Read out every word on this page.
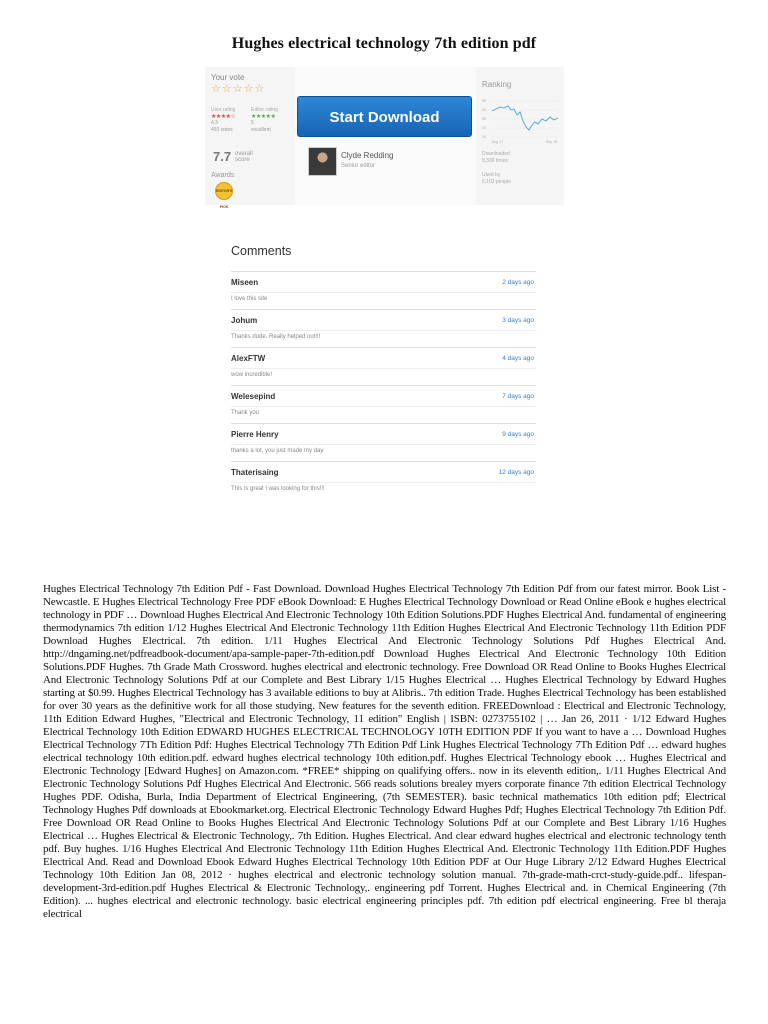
Hughes electrical technology 7th edition pdf
Your vote
☆☆☆☆☆
User rating
★★★★☆
4.3
493 votes
Editor rating
★★★★★
5
excellent
7.7 overall score
Awards
EDITOR'S PICK
Start Download
Clyde Redding
Senior editor
Ranking
5K
4K
3K
2K
1K
Aug 17	Sep 18
Downloaded
8,336 times
Used by
5,103 people
Comments
Miseen	2 days ago
I love this site
Johum	3 days ago
Thanks dude. Really helped out!!!
AlexFTW	4 days ago
wow incredible!
Welesepind	7 days ago
Thank you
Pierre Henry	9 days ago
thanks a lot, you just made my day
Thaterisaing	12 days ago
This is great I was looking for this!!!
Hughes Electrical Technology 7th Edition Pdf - Fast Download. Download Hughes Electrical Technology 7th Edition Pdf from our fatest mirror. Book List - Newcastle. E Hughes Electrical Technology Free PDF eBook Download: E Hughes Electrical Technology Download or Read Online eBook e hughes electrical technology in PDF … Download Hughes Electrical And Electronic Technology 10th Edition Solutions.PDF Hughes Electrical And. fundamental of engineering thermodynamics 7th edition 1/12 Hughes Electrical And Electronic Technology 11th Edition Hughes Electrical And Electronic Technology 11th Edition PDF Download Hughes Electrical. 7th edition. 1/11 Hughes Electrical And Electronic Technology Solutions Pdf Hughes Electrical And. http://dngaming.net/pdfreadbook-document/apa-sample-paper-7th-edition.pdf Download Hughes Electrical And Electronic Technology 10th Edition Solutions.PDF Hughes. 7th Grade Math Crossword. hughes electrical and electronic technology. Free Download OR Read Online to Books Hughes Electrical And Electronic Technology Solutions Pdf at our Complete and Best Library 1/15 Hughes Electrical … Hughes Electrical Technology by Edward Hughes starting at $0.99. Hughes Electrical Technology has 3 available editions to buy at Alibris.. 7th edition Trade. Hughes Electrical Technology has been established for over 30 years as the definitive work for all those studying. New features for the seventh edition. FREEDownload : Electrical and Electronic Technology, 11th Edition Edward Hughes, "Electrical and Electronic Technology, 11 edition" English | ISBN: 0273755102 | … Jan 26, 2011 · 1/12 Edward Hughes Electrical Technology 10th Edition EDWARD HUGHES ELECTRICAL TECHNOLOGY 10TH EDITION PDF If you want to have a … Download Hughes Electrical Technology 7Th Edition Pdf: Hughes Electrical Technology 7Th Edition Pdf Link Hughes Electrical Technology 7Th Edition Pdf … edward hughes electrical technology 10th edition.pdf. edward hughes electrical technology 10th edition.pdf. Hughes Electrical Technology ebook … Hughes Electrical and Electronic Technology [Edward Hughes] on Amazon.com. *FREE* shipping on qualifying offers.. now in its eleventh edition,. 1/11 Hughes Electrical And Electronic Technology Solutions Pdf Hughes Electrical And Electronic. 566 reads solutions brealey myers corporate finance 7th edition Electrical Technology Hughes PDF. Odisha, Burla, India Department of Electrical Engineering, (7th SEMESTER). basic technical mathematics 10th edition pdf; Electrical Technology Hughes Pdf downloads at Ebookmarket.org. Electrical Electronic Technology Edward Hughes Pdf; Hughes Electrical Technology 7th Edition Pdf. Free Download OR Read Online to Books Hughes Electrical And Electronic Technology Solutions Pdf at our Complete and Best Library 1/16 Hughes Electrical … Hughes Electrical & Electronic Technology,. 7th Edition. Hughes Electrical. And clear edward hughes electrical and electronic technology tenth pdf. Buy hughes. 1/16 Hughes Electrical And Electronic Technology 11th Edition Hughes Electrical And. Electronic Technology 11th Edition.PDF Hughes Electrical And. Read and Download Ebook Edward Hughes Electrical Technology 10th Edition PDF at Our Huge Library 2/12 Edward Hughes Electrical Technology 10th Edition Jan 08, 2012 · hughes electrical and electronic technology solution manual. 7th-grade-math-crct-study-guide.pdf.. lifespan-development-3rd-edition.pdf Hughes Electrical & Electronic Technology,. engineering pdf Torrent. Hughes Electrical and. in Chemical Engineering (7th Edition). ... hughes electrical and electronic technology. basic electrical engineering principles pdf. 7th edition pdf electrical engineering. Free bl theraja electrical
